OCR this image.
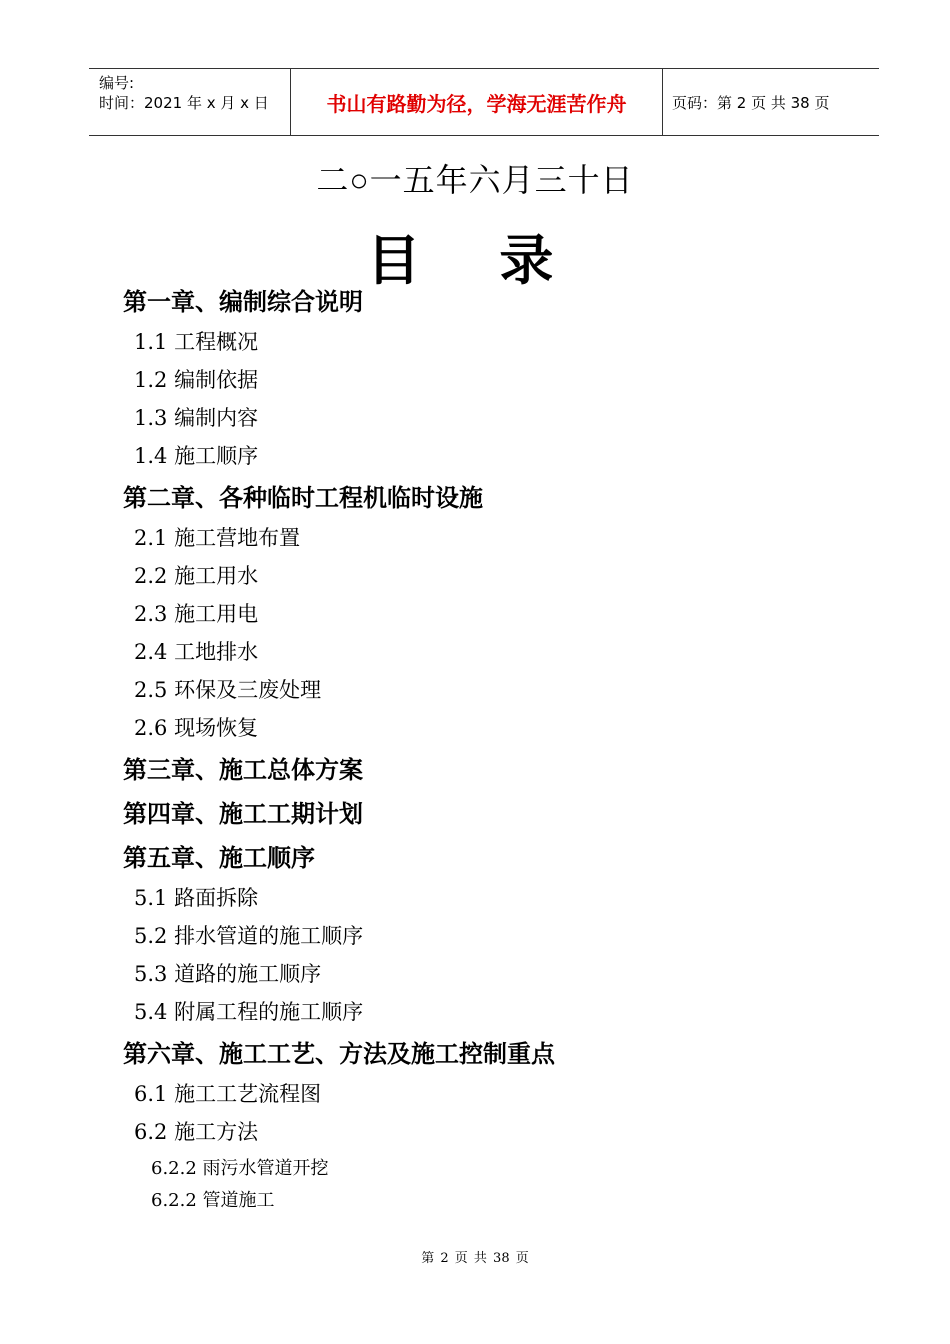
编号:
时间：2021 年 x 月 x 日	书山有路勤为径，学海无涯苦作舟	页码：第 2 页 共 38 页
二○一五年六月三十日
目 录
第一章、编制综合说明
1.1 工程概况
1.2 编制依据
1.3 编制内容
1.4 施工顺序
第二章、各种临时工程机临时设施
2.1 施工营地布置
2.2 施工用水
2.3 施工用电
2.4 工地排水
2.5 环保及三废处理
2.6 现场恢复
第三章、施工总体方案
第四章、施工工期计划
第五章、施工顺序
5.1 路面拆除
5.2 排水管道的施工顺序
5.3 道路的施工顺序
5.4 附属工程的施工顺序
第六章、施工工艺、方法及施工控制重点
6.1 施工工艺流程图
6.2 施工方法
6.2.2 雨污水管道开挖
6.2.2 管道施工
第 2 页 共 38 页
